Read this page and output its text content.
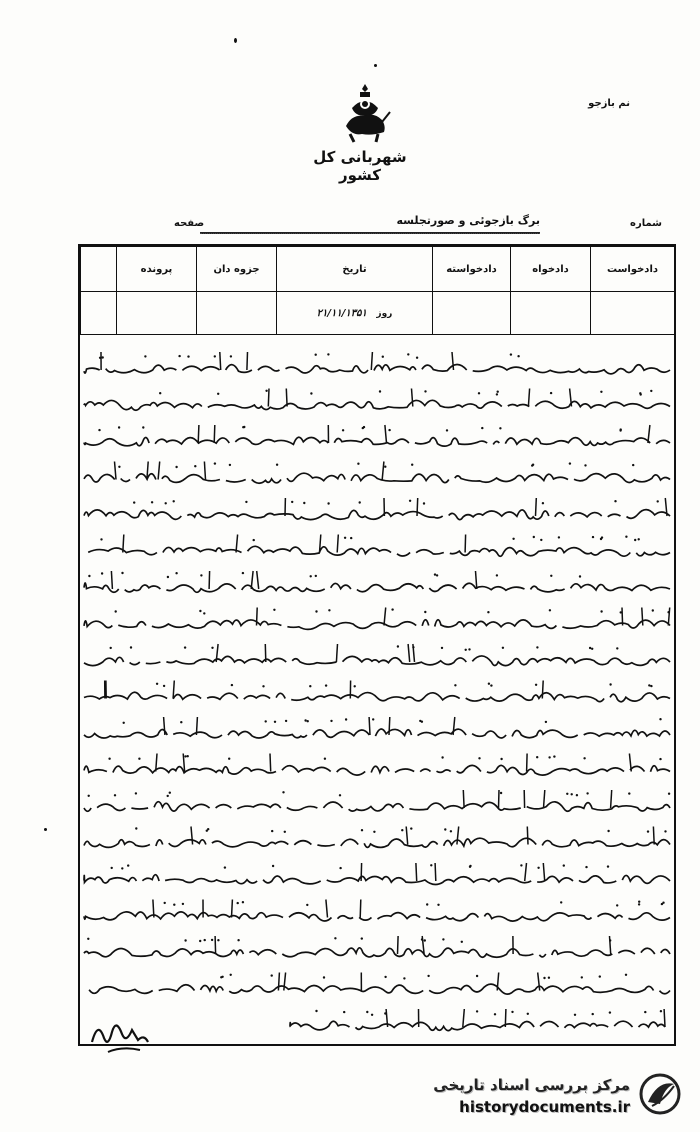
نم بازجو
شهربانی کل کشور
صفحه	شماره
برگ بازجوئی و صورتجلسه
دادخواست	دادخواه	دادخواسته	تاریخ	جزوه دان	پرونده	
			روز ۲۱/۱۱/۱۳۵۱			
مرکز بررسی اسناد تاریخی
historydocuments.ir
